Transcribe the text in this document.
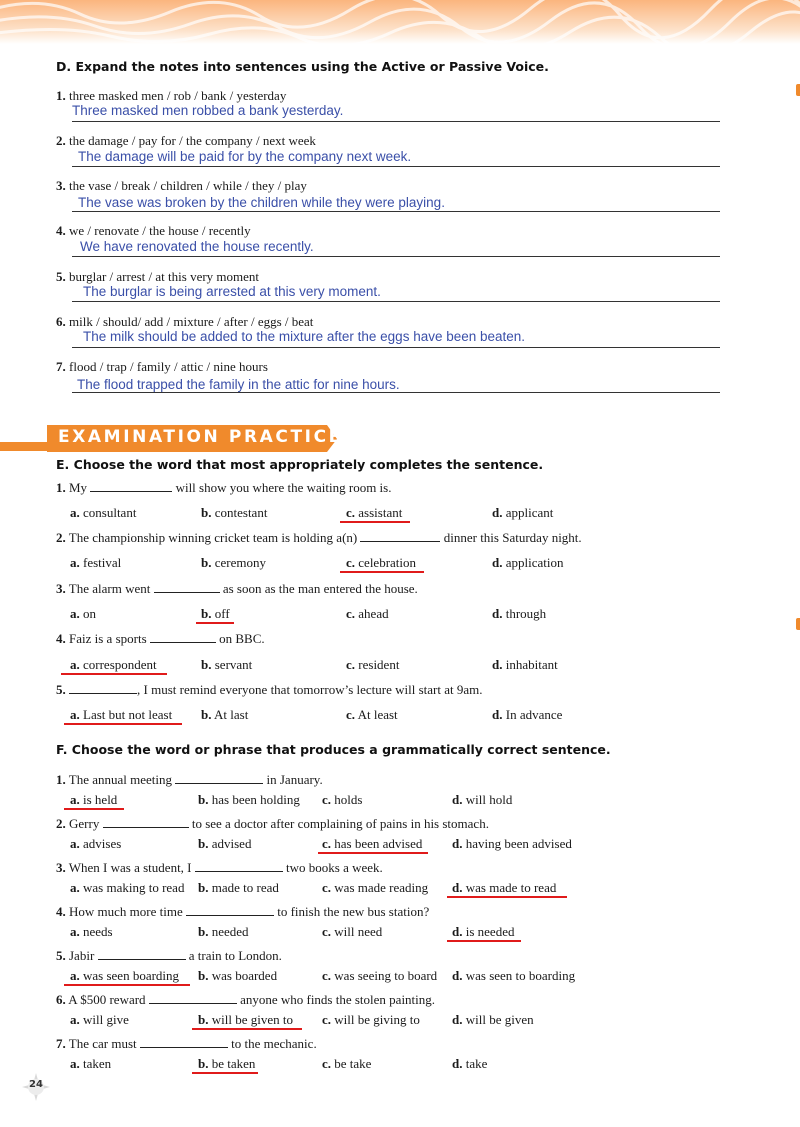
D. Expand the notes into sentences using the Active or Passive Voice.
1. three masked men / rob / bank / yesterday
Three masked men robbed a bank yesterday.
2. the damage / pay for / the company / next week
The damage will be paid for by the company next week.
3. the vase / break / children / while / they / play
The vase was broken by the children while they were playing.
4. we / renovate / the house / recently
We have renovated the house recently.
5. burglar / arrest / at this very moment
The burglar is being arrested at this very moment.
6. milk / should/ add / mixture / after / eggs / beat
The milk should be added to the mixture after the eggs have been beaten.
7. flood / trap / family / attic / nine hours
The flood trapped the family in the attic for nine hours.
EXAMINATION PRACTICE
E. Choose the word that most appropriately completes the sentence.
1. My	will show you where the waiting room is.
a. consultant	b. contestant	c. assistant	d. applicant
2. The championship winning cricket team is holding a(n)	dinner this Saturday night.
a. festival	b. ceremony	c. celebration	d. application
3. The alarm went	as soon as the man entered the house.
a. on	b. off	c. ahead	d. through
4. Faiz is a sports	on BBC.
a. correspondent	b. servant	c. resident	d. inhabitant
5.	, I must remind everyone that tomorrow’s lecture will start at 9am.
a. Last but not least b. At last	c. At least	d. In advance
F. Choose the word or phrase that produces a grammatically correct sentence.
1. The annual meeting	in January.
a. is held	b. has been holding c. holds	d. will hold
2. Gerry	to see a doctor after complaining of pains in his stomach.
a. advises	b. advised	c. has been advised d. having been advised
3. When I was a student, I	two books a week.
a. was making to read b. made to read	c. was made reading d. was made to read
4. How much more time	to finish the new bus station?
a. needs	b. needed	c. will need	d. is needed
5. Jabir	a train to London.
a. was seen boarding b. was boarded	c. was seeing to board d. was seen to boarding
6. A $500 reward	anyone who finds the stolen painting.
a. will give	b. will be given to c. will be giving to d. will be given
7. The car must	to the mechanic.
a. taken	b. be taken	c. be take	d. take
24
